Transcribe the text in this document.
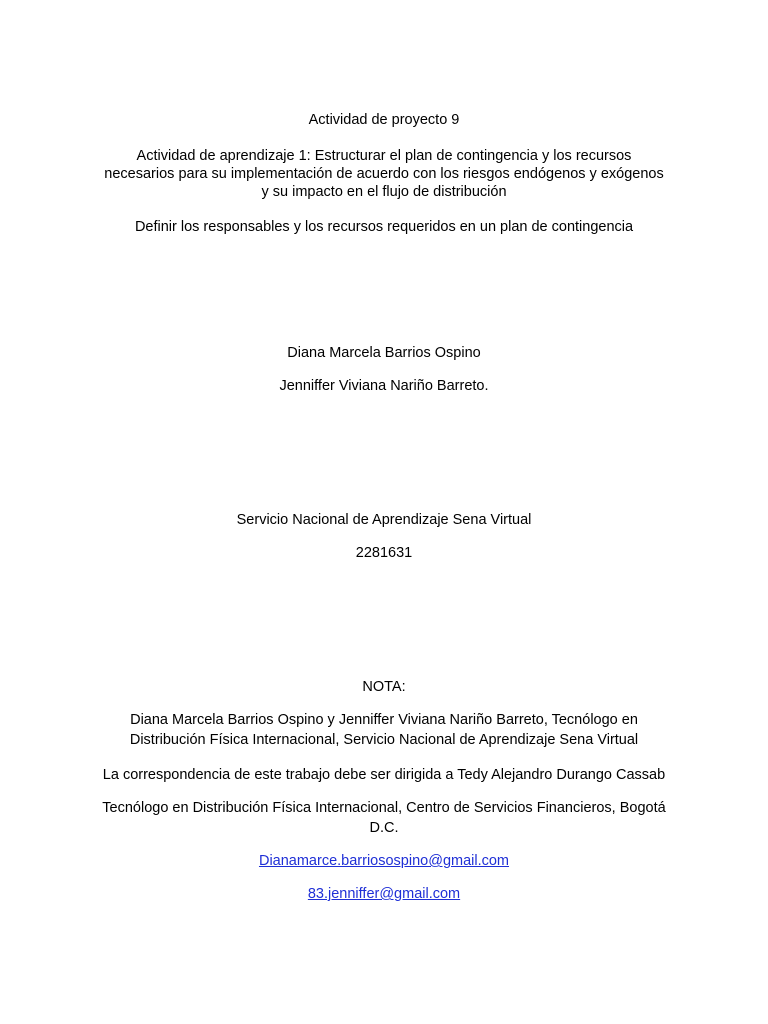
Actividad de proyecto 9
Actividad de aprendizaje 1: Estructurar el plan de contingencia y los recursos
necesarios para su implementación de acuerdo con los riesgos endógenos y exógenos
y su impacto en el flujo de distribución
Definir los responsables y los recursos requeridos en un plan de contingencia
Diana Marcela Barrios Ospino
Jenniffer Viviana Nariño Barreto.
Servicio Nacional de Aprendizaje Sena Virtual
2281631
NOTA:
Diana Marcela Barrios Ospino y Jenniffer Viviana Nariño Barreto, Tecnólogo en
Distribución Física Internacional, Servicio Nacional de Aprendizaje Sena Virtual
La correspondencia de este trabajo debe ser dirigida a Tedy Alejandro Durango Cassab
Tecnólogo en Distribución Física Internacional, Centro de Servicios Financieros, Bogotá
D.C.
Dianamarce.barriosospino@gmail.com
83.jenniffer@gmail.com
